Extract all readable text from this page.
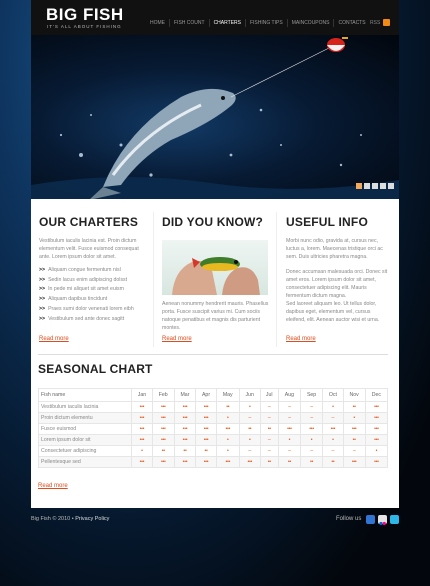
BIG FISH
IT'S ALL ABOUT FISHING
HOME	FISH COUNT	CHARTERS	FISHING TIPS	MAINCOUPONS	CONTACTS RSS
OUR CHARTERS
Vestibulum iaculis lacinia est. Proin dictum elementum velit. Fusce euismod consequat ante. Lorem ipsum dolor sit amet.
>> Aliquam congue fermentum nisl
>> Sedin lacus enim adipiscing dolsst
>> In pede mi aliquet sit amet euism
>> Aliquam dapibus tincidunt
>> Praes sumi dolor venenati lorem eibh
>> Vestibulum sed ante donec sagitt
Read more
DID YOU KNOW?
Aenean nonummy hendrerit mauris. Phasellus porta. Fusce suscipit varius mi. Cum sociis natoque penatibus et magnis dis parturient montes.
Read more
USEFUL INFO
Morbi nunc odio, gravida at, cursus nec, luctus a, lorem. Maecenas tristique orci ac sem. Duis ultricies pharetra magna.
Donec accumsan malesuada orci. Donec sit amet eros. Lorem ipsum dolor sit amet, consectetuer adipiscing elit. Mauris fermentum dictum magna.
Sed laoreet aliquam leo. Ut tellus dolor, dapibus eget, elementum vel, cursus eleifend, elit. Aenean auctor wisi et urna.
Read more
SEASONAL CHART
Fish name	Jan	Feb	Mar	Apr	May	Jun	Jul	Aug	Sep	Oct	Nov	Dec
Vestibulum iaculis lacinia	•••	•••	•••	•••	••	•	–	–	–	•	••	•••
Proin dictum elementu	•••	•••	•••	•••	•	–	–	–	–	–	•	•••
Fusce euismod	•••	•••	•••	•••	•••	••	••	•••	•••	•••	•••	•••
Lorem ipsum dolor sit	•••	•••	•••	•••	•	•	–	•	•	•	••	•••
Consectetuer adipiscing	•	••	••	••	•	–	–	–	–	–	–	•
Pellentesque sed	•••	•••	•••	•••	•••	•••	••	••	••	••	•••	•••
Read more
Big Fish © 2010 • Privacy Policy	Follow us
